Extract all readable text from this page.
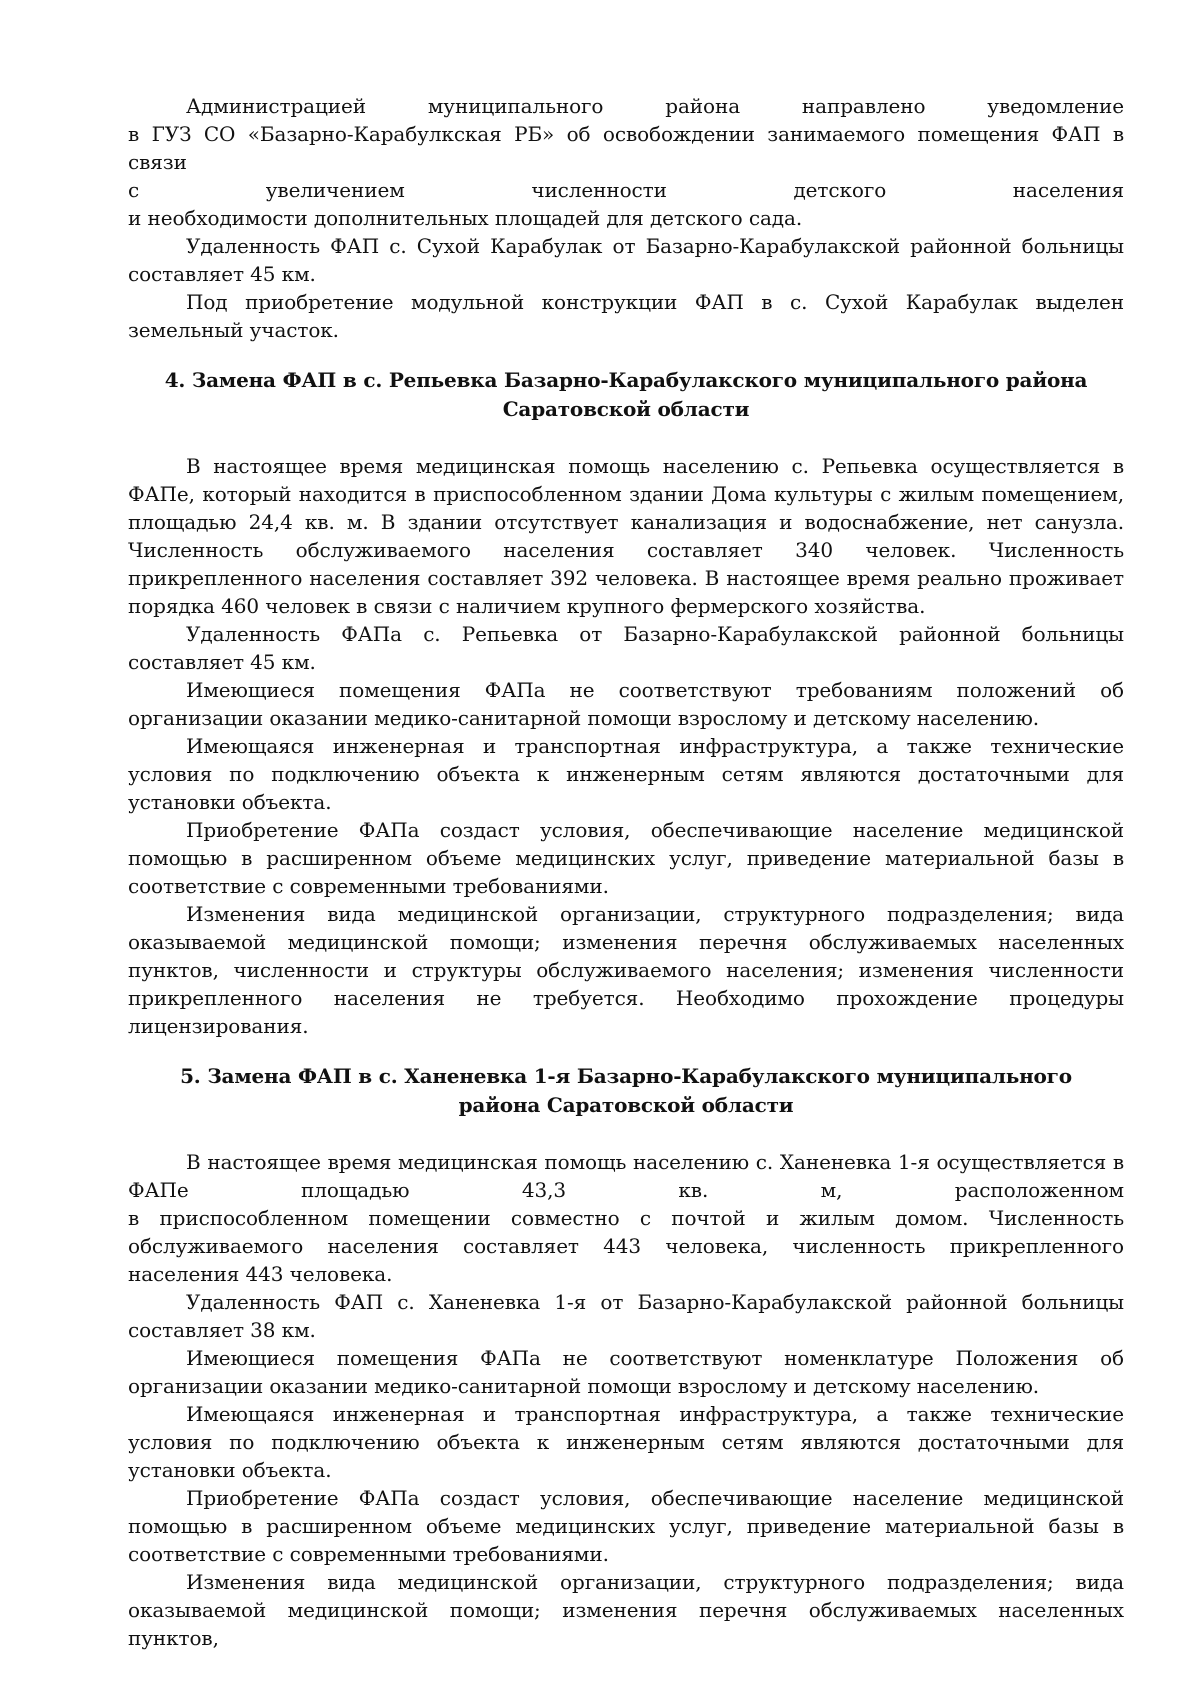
Администрацией муниципального района направлено уведомление

в ГУЗ СО «Базарно-Карабулкская РБ» об освобождении занимаемого помещения ФАП в связи

с увеличением численности детского населения

и необходимости дополнительных площадей для детского сада.

Удаленность ФАП с. Сухой Карабулак от Базарно-Карабулакской районной больницы составляет 45 км.

Под приобретение модульной конструкции ФАП в с. Сухой Карабулак выделен земельный участок.

4. Замена ФАП в с. Репьевка Базарно-Карабулакского муниципального района
Саратовской области

В настоящее время медицинская помощь населению с. Репьевка осуществляется в ФАПе, который находится в приспособленном здании Дома культуры с жилым помещением, площадью 24,4 кв. м. В здании отсутствует канализация и водоснабжение, нет санузла. Численность обслуживаемого населения составляет 340 человек. Численность прикрепленного населения составляет 392 человека. В настоящее время реально проживает порядка 460 человек в связи с наличием крупного фермерского хозяйства.

Удаленность ФАПа с. Репьевка от Базарно-Карабулакской районной больницы составляет 45 км.

Имеющиеся помещения ФАПа не соответствуют требованиям положений об организации оказании медико-санитарной помощи взрослому и детскому населению.

Имеющаяся инженерная и транспортная инфраструктура, а также технические условия по подключению объекта к инженерным сетям являются достаточными для установки объекта.

Приобретение ФАПа создаст условия, обеспечивающие население медицинской помощью в расширенном объеме медицинских услуг, приведение материальной базы в соответствие с современными требованиями.

Изменения вида медицинской организации, структурного подразделения; вида оказываемой медицинской помощи; изменения перечня обслуживаемых населенных пунктов, численности и структуры обслуживаемого населения; изменения численности прикрепленного населения не требуется. Необходимо прохождение процедуры лицензирования.

5. Замена ФАП в с. Ханеневка 1-я Базарно-Карабулакского муниципального
района Саратовской области

В настоящее время медицинская помощь населению с. Ханеневка 1-я осуществляется в

ФАПе площадью 43,3 кв. м, расположенном

в приспособленном помещении совместно с почтой и жилым домом. Численность обслуживаемого населения составляет 443 человека, численность прикрепленного населения 443 человека.

Удаленность ФАП с. Ханеневка 1-я от Базарно-Карабулакской районной больницы составляет 38 км.

Имеющиеся помещения ФАПа не соответствуют номенклатуре Положения об организации оказании медико-санитарной помощи взрослому и детскому населению.

Имеющаяся инженерная и транспортная инфраструктура, а также технические условия по подключению объекта к инженерным сетям являются достаточными для установки объекта.

Приобретение ФАПа создаст условия, обеспечивающие население медицинской помощью в расширенном объеме медицинских услуг, приведение материальной базы в соответствие с современными требованиями.

Изменения вида медицинской организации, структурного подразделения; вида оказываемой медицинской помощи; изменения перечня обслуживаемых населенных пунктов,
